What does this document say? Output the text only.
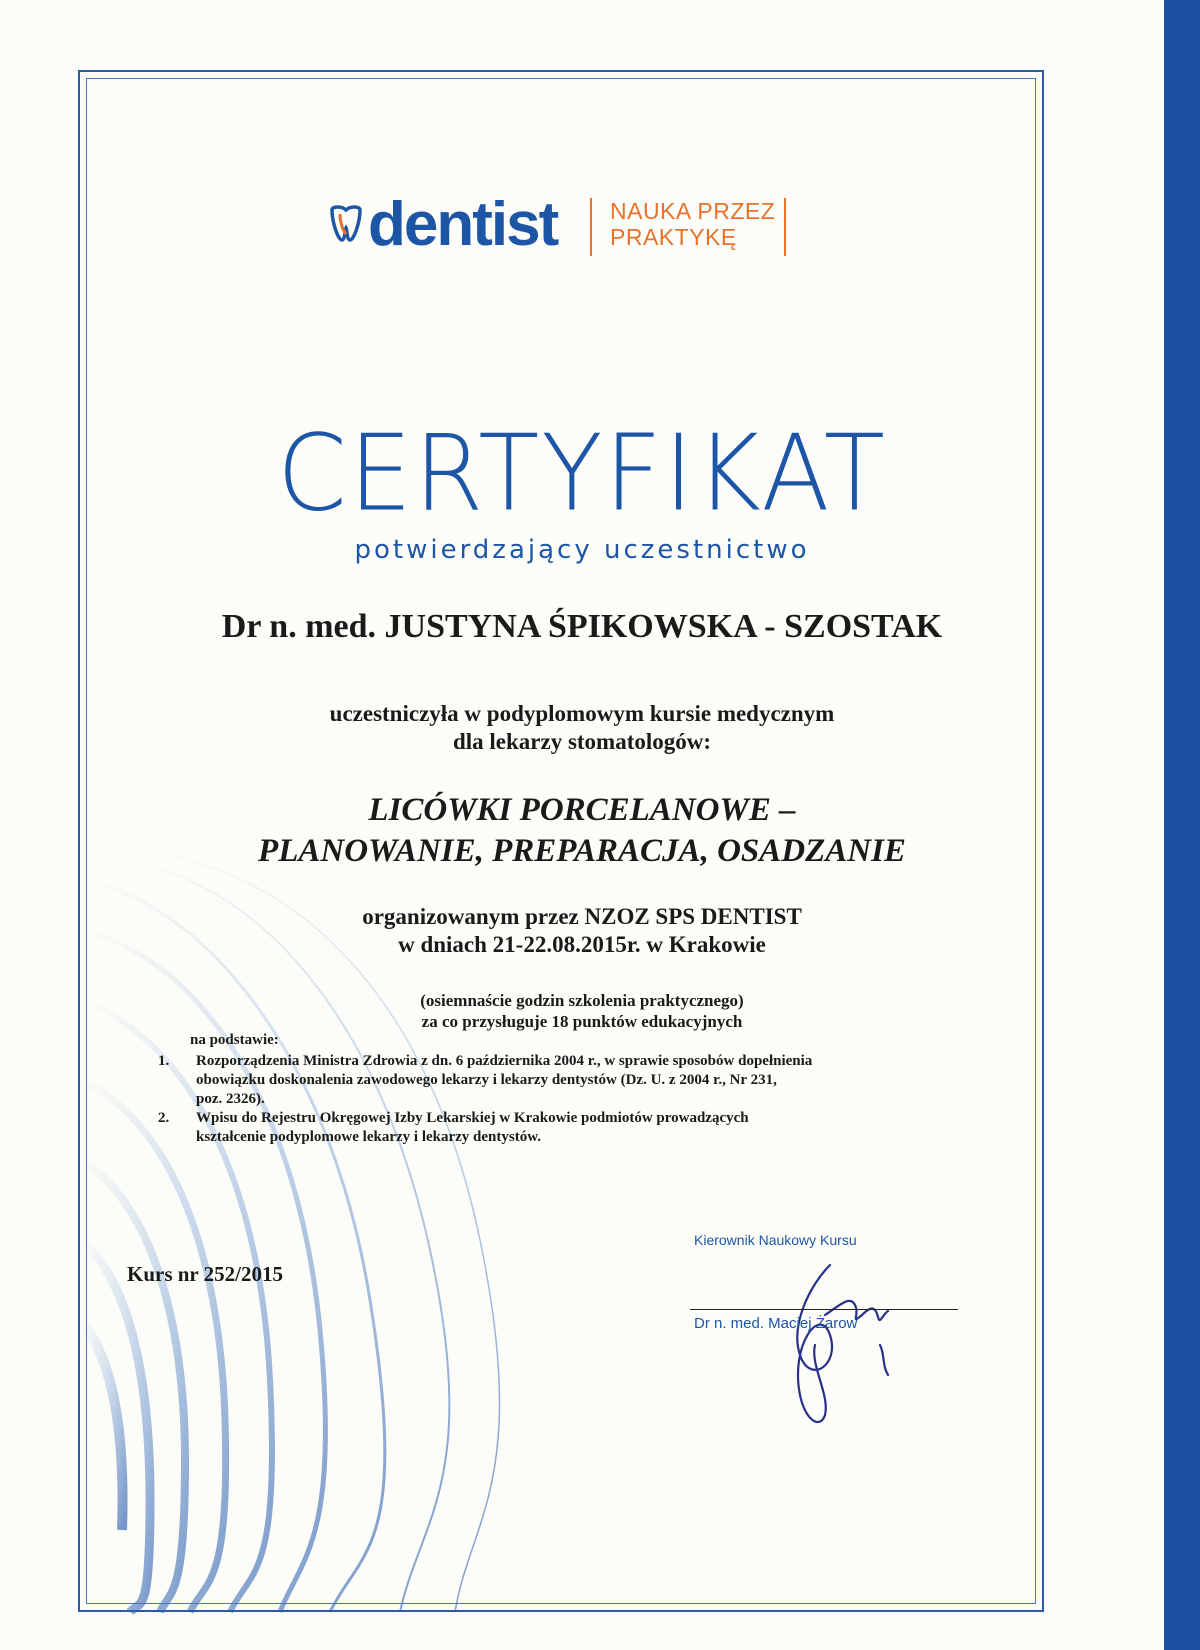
dentist NAUKA PRZEZ
PRAKTYKĘ
CERTYFIKAT
potwierdzający uczestnictwo
Dr n. med. JUSTYNA ŚPIKOWSKA - SZOSTAK
uczestniczyła w podyplomowym kursie medycznym
dla lekarzy stomatologów:
LICÓWKI PORCELANOWE –
PLANOWANIE, PREPARACJA, OSADZANIE
organizowanym przez NZOZ SPS DENTIST
w dniach 21-22.08.2015r. w Krakowie
(osiemnaście godzin szkolenia praktycznego)
za co przysługuje 18 punktów edukacyjnych
na podstawie:
1. Rozporządzenia Ministra Zdrowia z dn. 6 października 2004 r., w sprawie sposobów dopełnienia
obowiązku doskonalenia zawodowego lekarzy i lekarzy dentystów (Dz. U. z 2004 r., Nr 231,
poz. 2326).
2. Wpisu do Rejestru Okręgowej Izby Lekarskiej w Krakowie podmiotów prowadzących
kształcenie podyplomowe lekarzy i lekarzy dentystów.
Kurs nr 252/2015
Kierownik Naukowy Kursu
Dr n. med. Maciej Żarow
